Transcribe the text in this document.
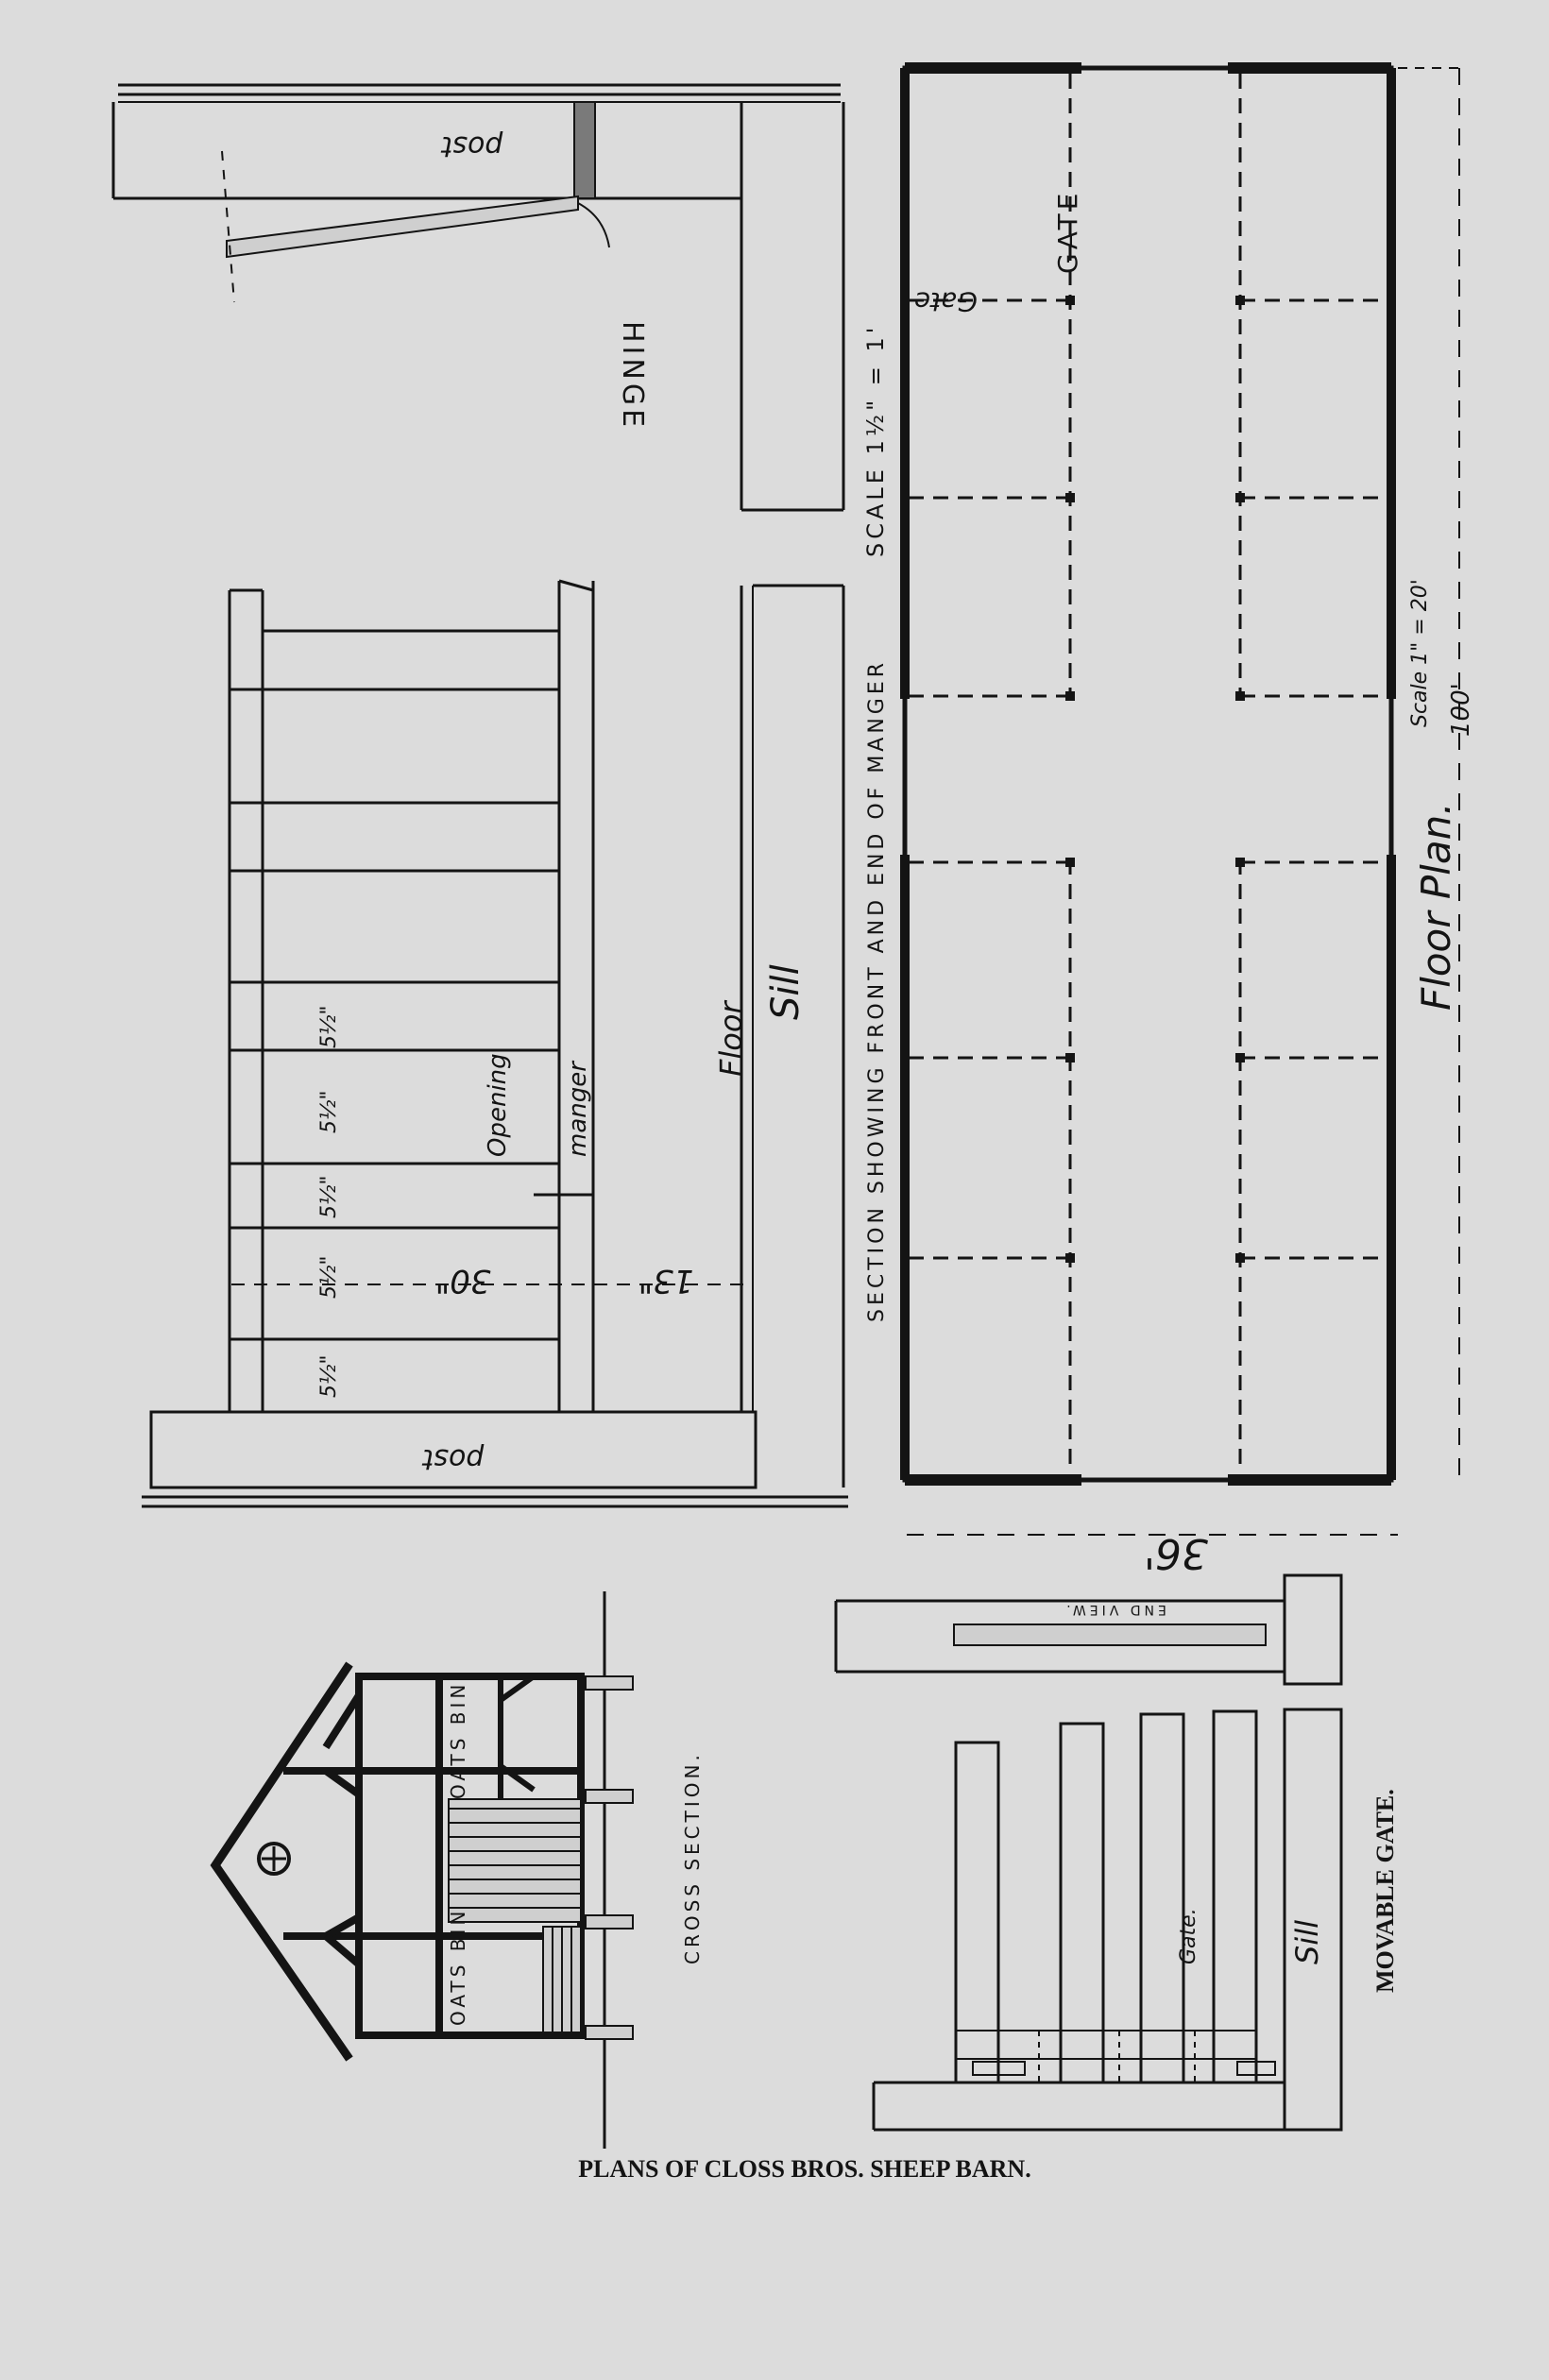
post
HINGE
post
30"	13"
5½"
5½"
5½"
5½"
5½"
Opening manger
Floor
Sill	SECTION SHOWING FRONT AND END OF MANGER
SCALE 1½" = 1'
GATE
Gate
36'
100'
Floor Plan.
Scale 1" = 20'
OATS BIN.
OATS BIN
CROSS SECTION.
END VIEW.
Gate.	Sill MOVABLE GATE.
PLANS OF CLOSS BROS. SHEEP BARN.
